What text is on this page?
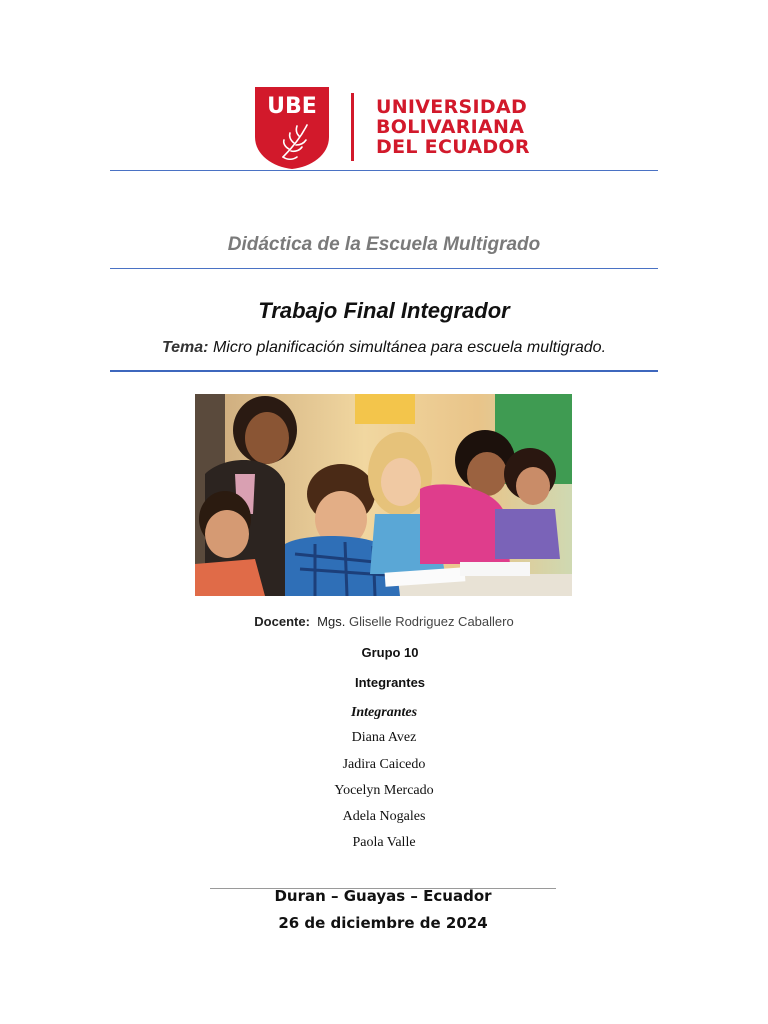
UBE	UNIVERSIDAD
BOLIVARIANA
DEL ECUADOR
Didáctica de la Escuela Multigrado
Trabajo Final Integrador
Tema: Micro planificación simultánea para escuela multigrado.
Docente: Mgs. Gliselle Rodriguez Caballero
Grupo 10
Integrantes
Integrantes
Diana Avez
Jadira Caicedo
Yocelyn Mercado
Adela Nogales
Paola Valle
Duran – Guayas – Ecuador
26 de diciembre de 2024
